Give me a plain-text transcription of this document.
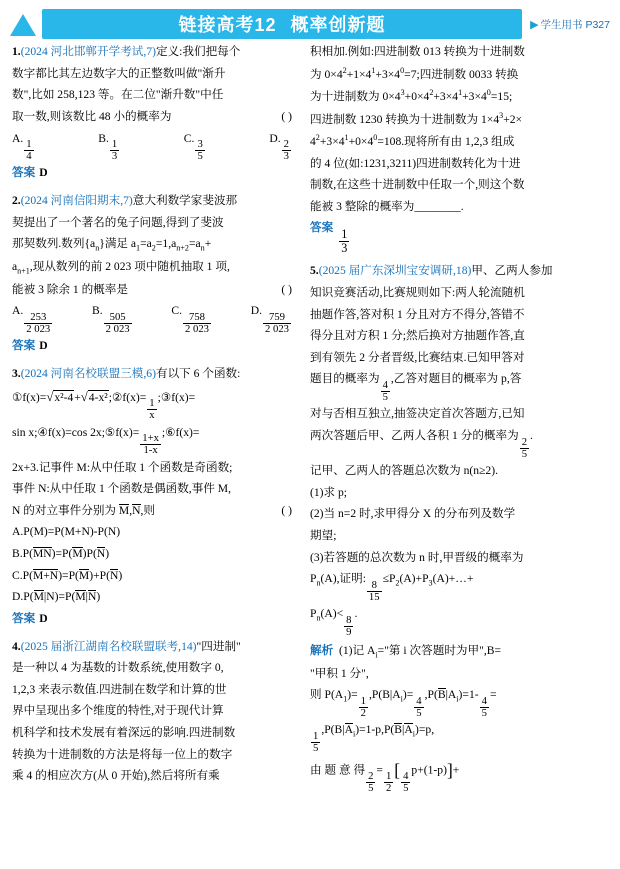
链接高考12 概率创新题	▶ 学生用书 P327

1.(2024 河北邯郸开学考试,7)定义:我们把每个

数字都比其左边数字大的正整数叫做"渐升

数",比如 258,123 等。在二位"渐升数"中任

取一数,则该数比 48 小的概率为	( )

A.
$\frac{1}{4}$
B.
$\frac{1}{3}$
C.
$\frac{3}{5}$
D.
$\frac{2}{3}$

答案 D

2.(2024 河南信阳期末,7)意大利数学家斐波那

契提出了一个著名的兔子问题,得到了斐波

那契数列.数列$\{a_n\}$满足 $a_1=a_2=1,a_{n+2}=a_n+$

$a_{n+1}$,现从数列的前 2 023 项中随机抽取 1 项,

能被 3 除余 1 的概率是	( )

A.
$\frac{253}{2 023}$
B.
$\frac{505}{2 023}$
C.
$\frac{758}{2 023}$
D.
$\frac{759}{2 023}$

答案 D

3.(2024 河南名校联盟三模,6)有以下 6 个函数:

①f(x)=√x²-4+√4-x²;②f(x)=
$\frac{1}{x}$
;③f(x)=

sin x;④f(x)=cos 2x;⑤f(x)=
$\frac{1+x}{1-x}$
;⑥f(x)=

2x+3.记事件 M:从中任取 1 个函数是奇函数;

事件 N:从中任取 1 个函数是偶函数,事件 M,

N 的对立事件分别为 M,N,则	( )

A.P(M)=P(M+N)-P(N)

B.P(MN)=P(M)P(N)

C.P(M+N)=P(M)+P(N)

D.P(M|N)=P(M|N)

答案 D

4.(2025 届浙江湖南名校联盟联考,14)"四进制"

是一种以 4 为基数的计数系统,使用数字 0,

1,2,3 来表示数值.四进制在数学和计算的世

界中呈现出多个维度的特性,对于现代计算

机科学和技术发展有着深远的影响.四进制数

转换为十进制数的方法是将每一位上的数字

乘 4 的相应次方(从 0 开始),然后将所有乘

积相加.例如:四进制数 013 转换为十进制数

为 $0\times 4^2+1\times 4^1+3\times 4^0=7$;四进制数 0033 转换

为十进制数为 $0\times 4^3+0\times 4^2+3\times 4^1+3\times 4^0=15$;

四进制数 1230 转换为十进制数为 $1\times 4^3+2\times$

$4^2+3\times 4^1+0\times 4^0=108$.现将所有由 1,2,3 组成

的 4 位(如:1231,3211)四进制数转化为十进

制数,在这些十进制数中任取一个,则这个数

能被 3 整除的概率为________.

答案 $\frac{1}{3}$

5.(2025 届广东深圳宝安调研,18)甲、乙两人参加

知识竞赛活动,比赛规则如下:两人轮流随机

抽题作答,答对积 1 分且对方不得分,答错不

得分且对方积 1 分;然后换对方抽题作答,直

到有领先 2 分者晋级,比赛结束.已知甲答对

题目的概率为
$\frac{4}{5}$
,乙答对题目的概率为 p,答

对与否相互独立,抽签决定首次答题方,已知

两次答题后甲、乙两人各积 1 分的概率为
$\frac{2}{5}$
.

记甲、乙两人的答题总次数为 n(n≥2).

(1)求 p;

(2)当 n=2 时,求甲得分 X 的分布列及数学

期望;

(3)若答题的总次数为 n 时,甲晋级的概率为

$P_n(A)$,证明:
$\frac{8}{15}$
$\le P_2(A)+P_3(A)+\dots+$

$P_n(A)<$
$\frac{8}{9}$
.

解析 (1)记 $A_i=$"第 i 次答题时为甲",B=

"甲积 1 分",

则 $P(A_1)=$
$\frac{1}{2}$
$,P(B|A_i)=$
$\frac{4}{5}$
$,P(B|A_i)=1-$
$\frac{4}{5}$
=

$\frac{1}{5}$
$,P(B|A_i)=1-p,P(B|A_i)=p$,

由 题 意 得
$\frac{2}{5}$
=
$\frac{1}{2}$
[
$\frac{4}{5}$
p+(1-p)]+
